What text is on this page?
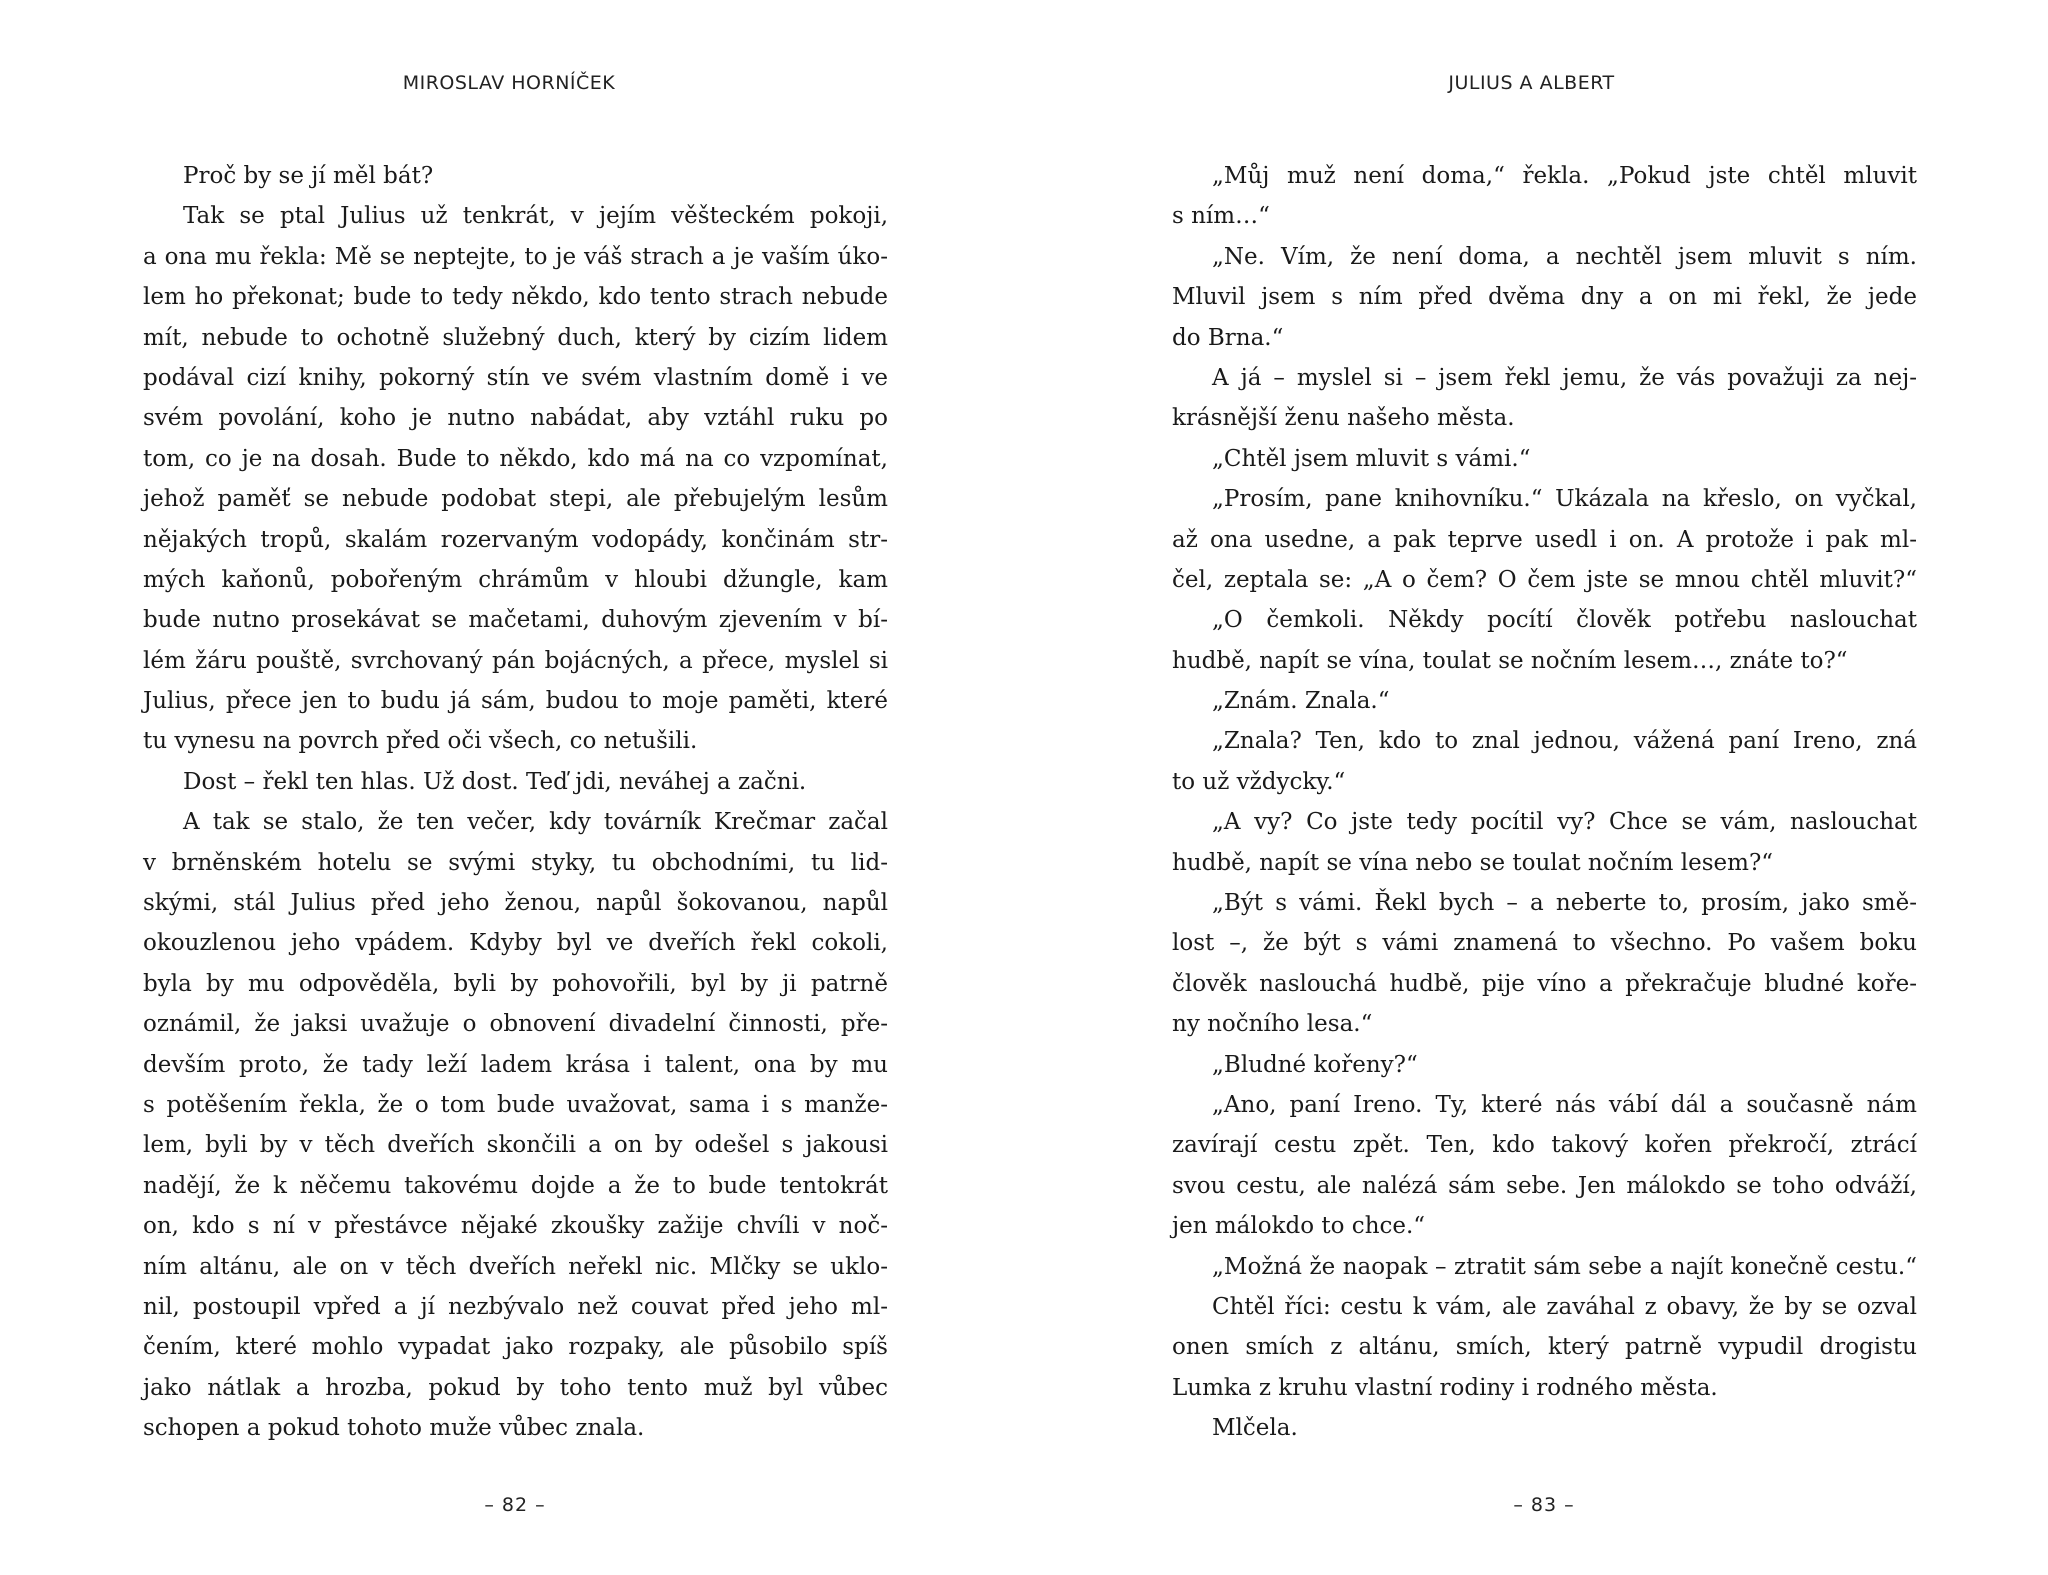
MIROSLAV HORNÍČEK
Proč by se jí měl bát?
Tak se ptal Julius už tenkrát, v jejím věšteckém pokoji,
a ona mu řekla: Mě se neptejte, to je váš strach a je vaším úko-
lem ho překonat; bude to tedy někdo, kdo tento strach nebude
mít, nebude to ochotně služebný duch, který by cizím lidem
podával cizí knihy, pokorný stín ve svém vlastním domě i ve
svém povolání, koho je nutno nabádat, aby vztáhl ruku po
tom, co je na dosah. Bude to někdo, kdo má na co vzpomínat,
jehož paměť se nebude podobat stepi, ale přebujelým lesům
nějakých tropů, skalám rozervaným vodopády, končinám str-
mých kaňonů, pobořeným chrámům v hloubi džungle, kam
bude nutno prosekávat se mačetami, duhovým zjevením v bí-
lém žáru pouště, svrchovaný pán bojácných, a přece, myslel si
Julius, přece jen to budu já sám, budou to moje paměti, které
tu vynesu na povrch před oči všech, co netušili.
Dost – řekl ten hlas. Už dost. Teď jdi, neváhej a začni.
A tak se stalo, že ten večer, kdy továrník Krečmar začal
v brněnském hotelu se svými styky, tu obchodními, tu lid-
skými, stál Julius před jeho ženou, napůl šokovanou, napůl
okouzlenou jeho vpádem. Kdyby byl ve dveřích řekl cokoli,
byla by mu odpověděla, byli by pohovořili, byl by ji patrně
oznámil, že jaksi uvažuje o obnovení divadelní činnosti, pře-
devším proto, že tady leží ladem krása i talent, ona by mu
s potěšením řekla, že o tom bude uvažovat, sama i s manže-
lem, byli by v těch dveřích skončili a on by odešel s jakousi
nadějí, že k něčemu takovému dojde a že to bude tentokrát
on, kdo s ní v přestávce nějaké zkoušky zažije chvíli v noč-
ním altánu, ale on v těch dveřích neřekl nic. Mlčky se uklo-
nil, postoupil vpřed a jí nezbývalo než couvat před jeho ml-
čením, které mohlo vypadat jako rozpaky, ale působilo spíš
jako nátlak a hrozba, pokud by toho tento muž byl vůbec
schopen a pokud tohoto muže vůbec znala.
– 82 –
JULIUS A ALBERT
„Můj muž není doma,“ řekla. „Pokud jste chtěl mluvit
s ním…“
„Ne. Vím, že není doma, a nechtěl jsem mluvit s ním.
Mluvil jsem s ním před dvěma dny a on mi řekl, že jede
do Brna.“
A já – myslel si – jsem řekl jemu, že vás považuji za nej-
krásnější ženu našeho města.
„Chtěl jsem mluvit s vámi.“
„Prosím, pane knihovníku.“ Ukázala na křeslo, on vyčkal,
až ona usedne, a pak teprve usedl i on. A protože i pak ml-
čel, zeptala se: „A o čem? O čem jste se mnou chtěl mluvit?“
„O čemkoli. Někdy pocítí člověk potřebu naslouchat
hudbě, napít se vína, toulat se nočním lesem…, znáte to?“
„Znám. Znala.“
„Znala? Ten, kdo to znal jednou, vážená paní Ireno, zná
to už vždycky.“
„A vy? Co jste tedy pocítil vy? Chce se vám, naslouchat
hudbě, napít se vína nebo se toulat nočním lesem?“
„Být s vámi. Řekl bych – a neberte to, prosím, jako smě-
lost –, že být s vámi znamená to všechno. Po vašem boku
člověk naslouchá hudbě, pije víno a překračuje bludné koře-
ny nočního lesa.“
„Bludné kořeny?“
„Ano, paní Ireno. Ty, které nás vábí dál a současně nám
zavírají cestu zpět. Ten, kdo takový kořen překročí, ztrácí
svou cestu, ale nalézá sám sebe. Jen málokdo se toho odváží,
jen málokdo to chce.“
„Možná že naopak – ztratit sám sebe a najít konečně cestu.“
Chtěl říci: cestu k vám, ale zaváhal z obavy, že by se ozval
onen smích z altánu, smích, který patrně vypudil drogistu
Lumka z kruhu vlastní rodiny i rodného města.
Mlčela.
– 83 –
